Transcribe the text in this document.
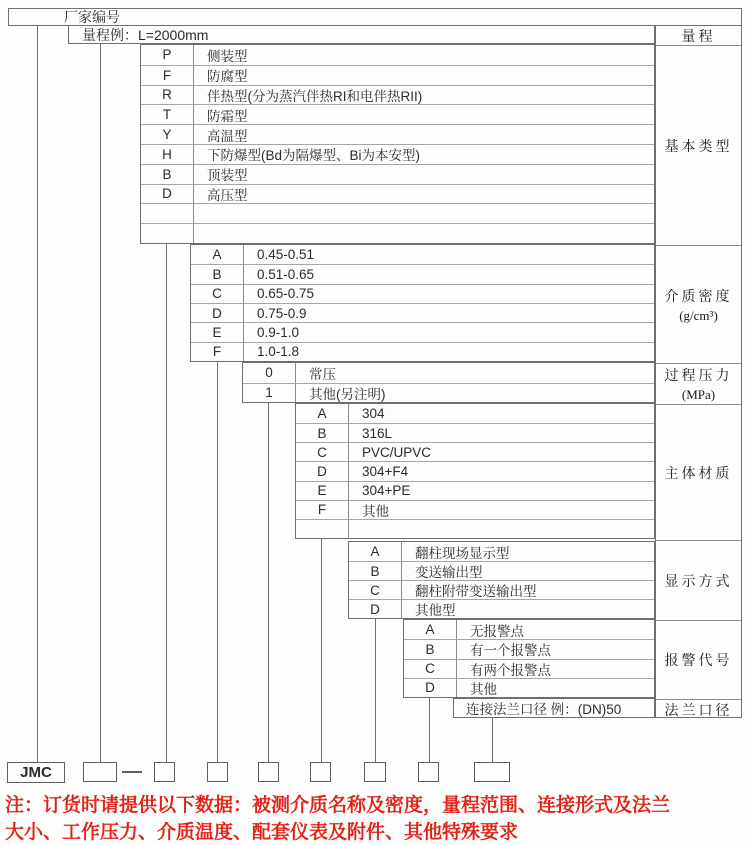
厂家编号
量程例：L=2000mm
P	侧装型
F	防腐型
R	伴热型(分为蒸汽伴热RI和电伴热RII)
T	防霜型
Y	高温型
H	下防爆型(Bd为隔爆型、Bi为本安型)
B	顶装型
D	高压型
A	0.45-0.51
B	0.51-0.65
C	0.65-0.75
D	0.75-0.9
E	0.9-1.0
F	1.0-1.8
0	常压
1	其他(另注明)
A	304
B	316L
C	PVC/UPVC
D	304+F4
E	304+PE
F	其他
A	翻柱现场显示型
B	变送输出型
C	翻柱附带变送输出型
D	其他型
A	无报警点
B	有一个报警点
C	有两个报警点
D	其他
连接法兰口径 例：(DN)50
量程
基本类型
介质密度
(g/cm³)
过程压力
(MPa)
主体材质
显示方式
报警代号
法兰口径
JMC
注：订货时请提供以下数据：被测介质名称及密度，量程范围、连接形式及法兰
大小、工作压力、介质温度、配套仪表及附件、其他特殊要求
